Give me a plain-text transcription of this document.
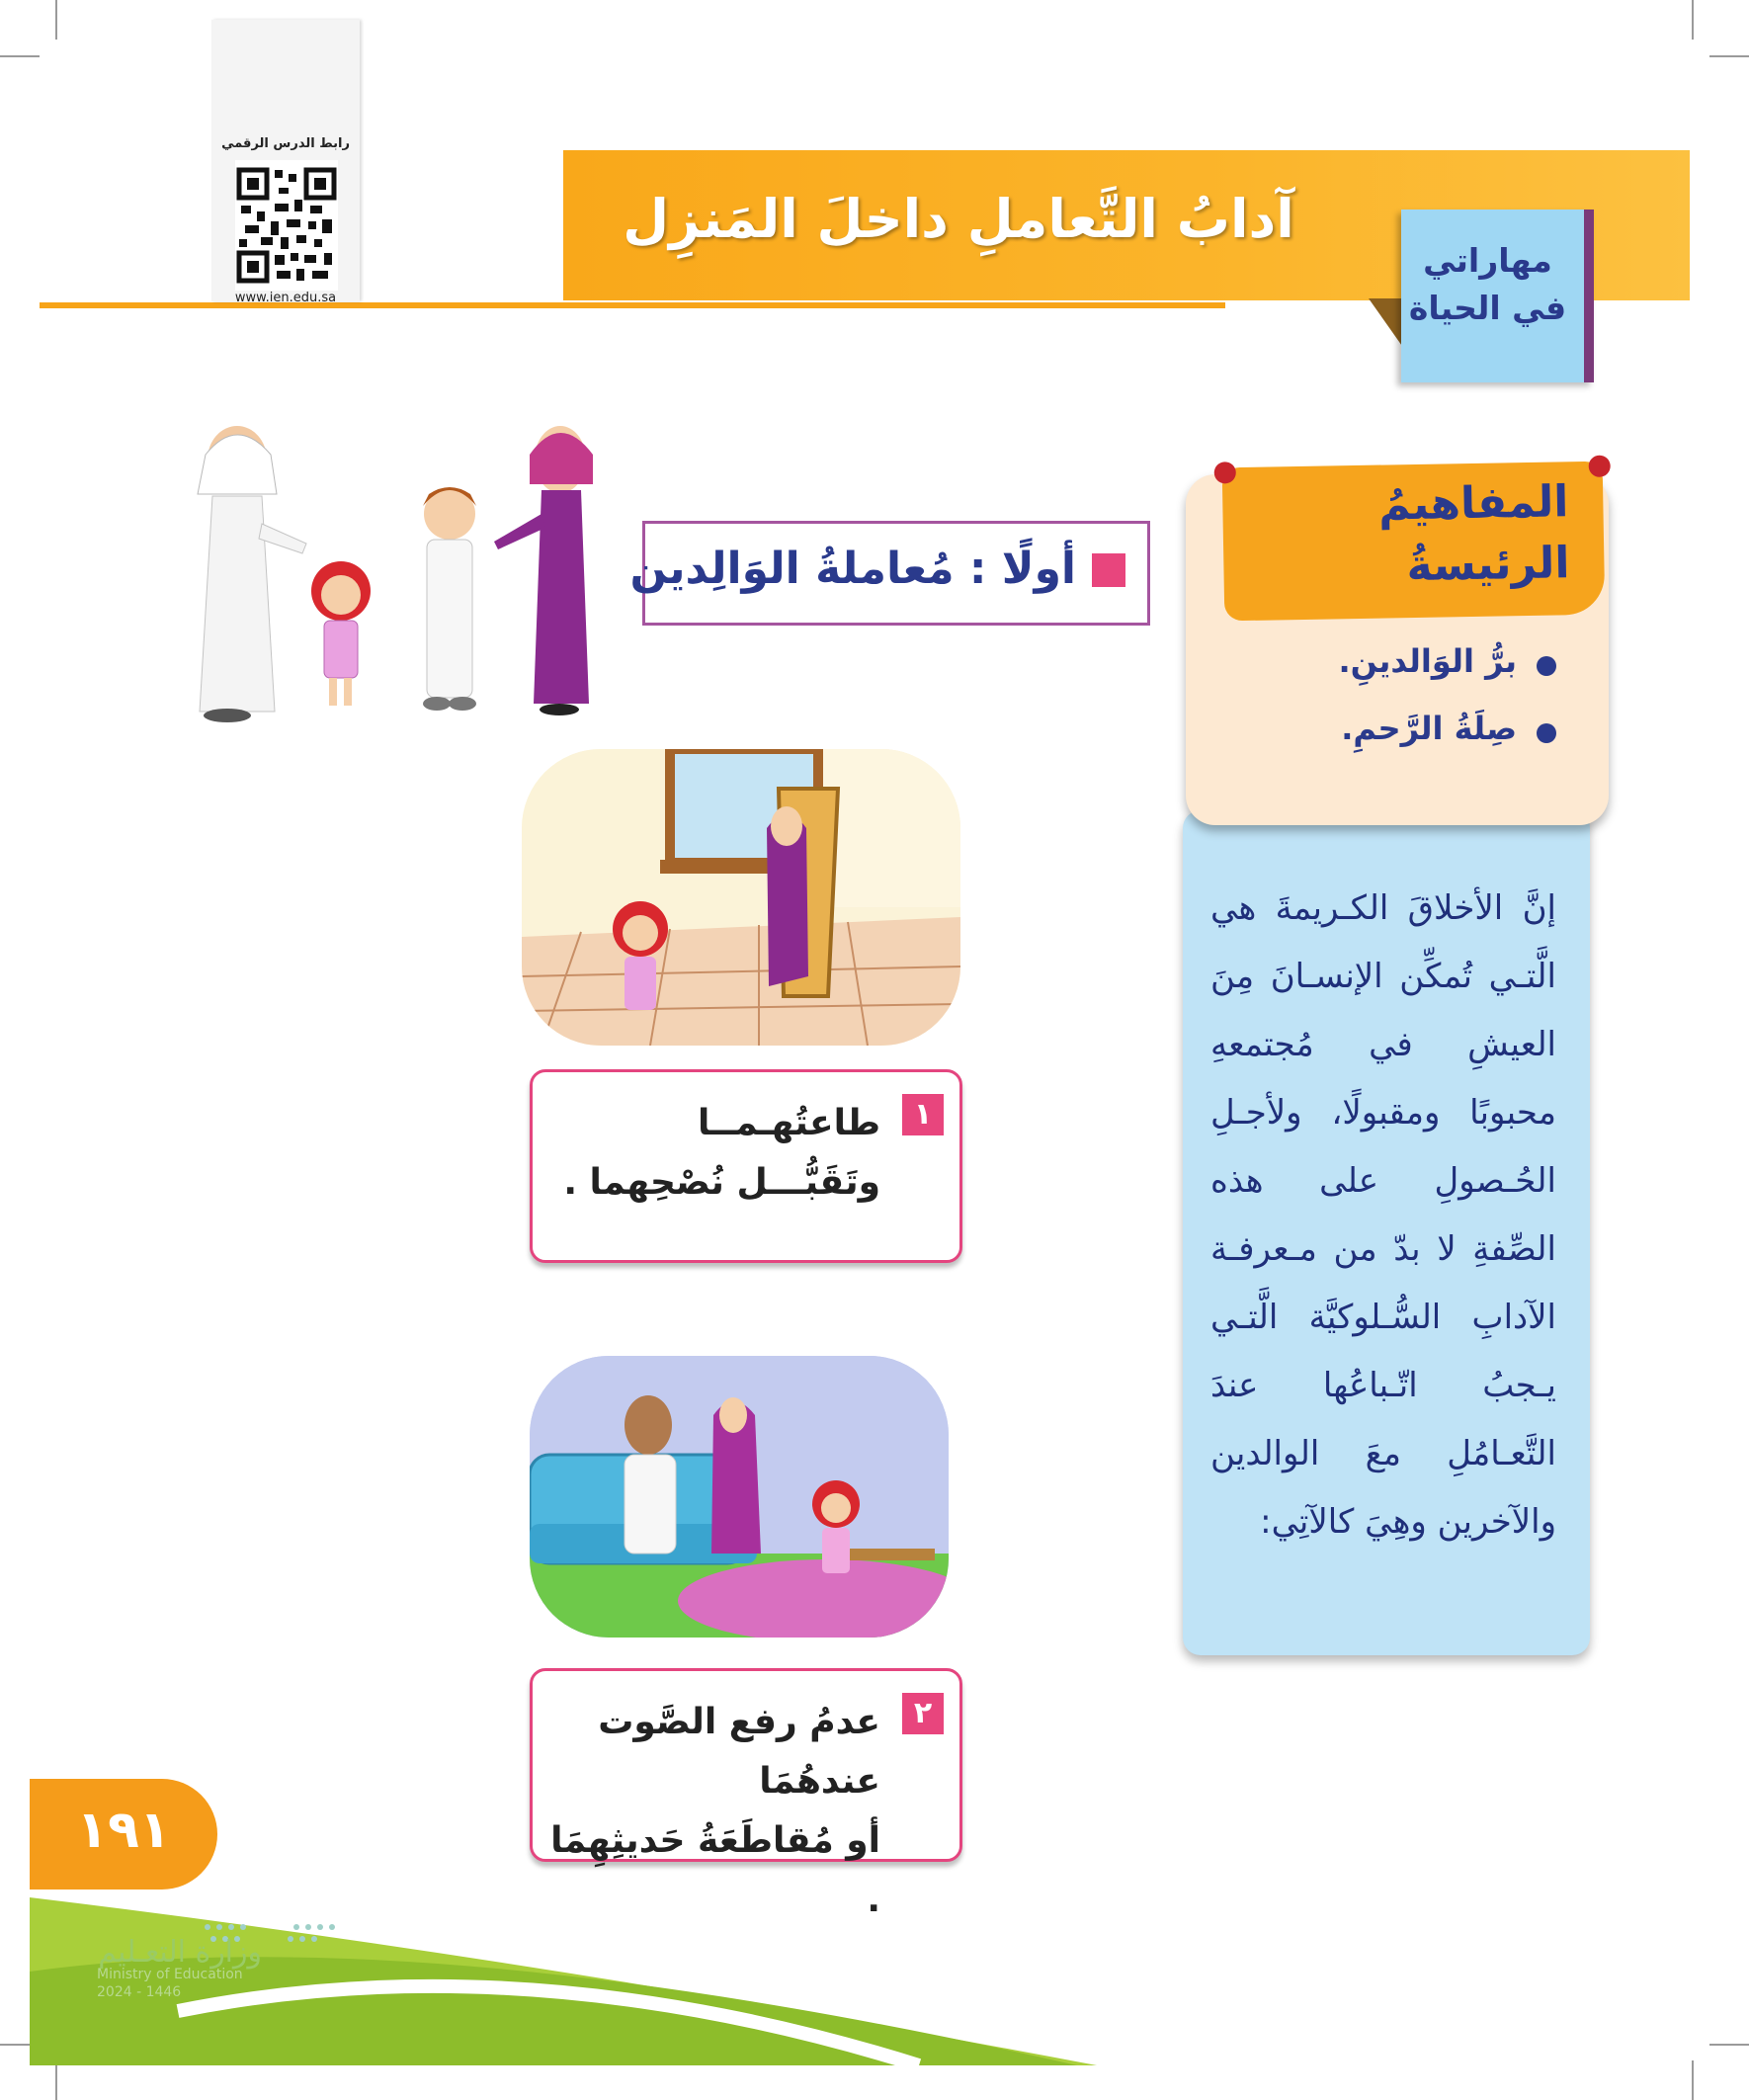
آدابُ التَّعاملِ داخلَ المَنزِل
مهاراتي
في الحياة
رابط الدرس الرقمي
www.ien.edu.sa
أولًا : مُعاملةُ الوَالِدين
١
طاعتُهـمــا
وتَقَبُّـــل نُصْحِهما .
٢
عدمُ رفع الصَّوت عندهُمَا
أو مُقاطَعَةُ حَديثِهِمَا .
إنَّ الأخلاقَ الكـريمةَ هي الَّتـي تُمكِّن الإنسـانَ مِنَ العيشِ في مُجتمعهِ محبوبًا ومقبولًا، ولأجـلِ الحُـصولِ على هذه الصِّفةِ لا بدّ من مـعرفـة الآدابِ السُّـلوكيَّة الَّتـي يـجبُ اتّـباعُها عندَ التَّعـامُلِ معَ الوالدين والآخرين وهِيَ كالآتِي:
المفاهيمُ
الرئيسةُ
برُّ الوَالدينِ.
صِلَةُ الرَّحمِ.
١٩١
وزارة التعـليم
Ministry of Education
2024 - 1446
